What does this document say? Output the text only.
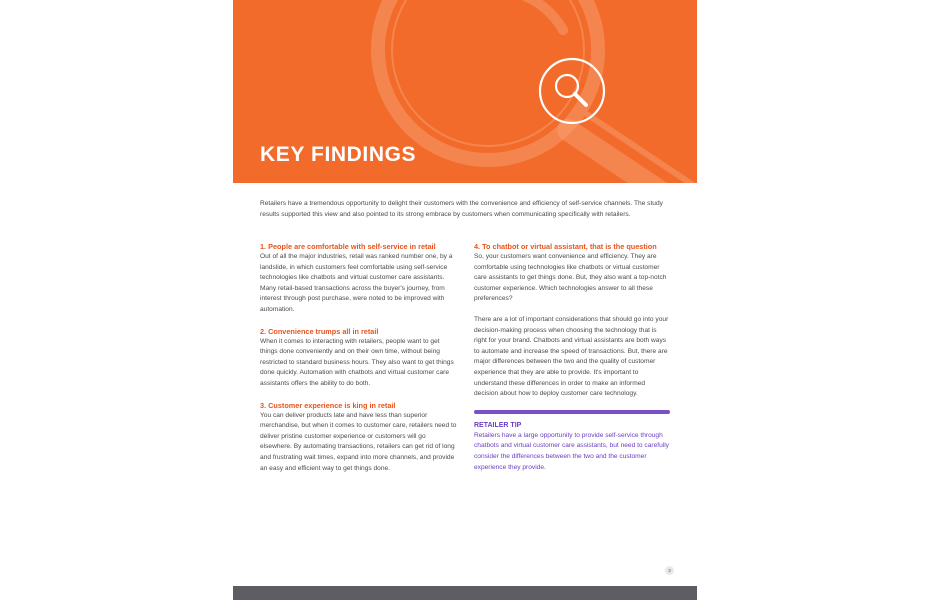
KEY FINDINGS

Retailers have a tremendous opportunity to delight their customers with the convenience and efficiency of self-service channels. The study results supported this view and also pointed to its strong embrace by customers when communicating specifically with retailers.

1. People are comfortable with self-service in retail

Out of all the major industries, retail was ranked number one, by a landslide, in which customers feel comfortable using self-service technologies like chatbots and virtual customer care assistants. Many retail-based transactions across the buyer's journey, from interest through post purchase, were noted to be improved with automation.

2. Convenience trumps all in retail

When it comes to interacting with retailers, people want to get things done conveniently and on their own time, without being restricted to standard business hours. They also want to get things done quickly. Automation with chatbots and virtual customer care assistants offers the ability to do both.

3. Customer experience is king in retail

You can deliver products late and have less than superior merchandise, but when it comes to customer care, retailers need to deliver pristine customer experience or customers will go elsewhere. By automating transactions, retailers can get rid of long and frustrating wait times, expand into more channels, and provide an easy and efficient way to get things done.

4. To chatbot or virtual assistant, that is the question

So, your customers want convenience and efficiency. They are comfortable using technologies like chatbots or virtual customer care assistants to get things done. But, they also want a top-notch customer experience. Which technologies answer to all these preferences?

There are a lot of important considerations that should go into your decision-making process when choosing the technology that is right for your brand. Chatbots and virtual assistants are both ways to automate and increase the speed of transactions. But, there are major differences between the two and the quality of customer experience that they are able to provide. It's important to understand these differences in order to make an informed decision about how to deploy customer care technology.

RETAILER TIP

Retailers have a large opportunity to provide self-service through chatbots and virtual customer care assistants, but need to carefully consider the differences between the two and the customer experience they provide.

3
